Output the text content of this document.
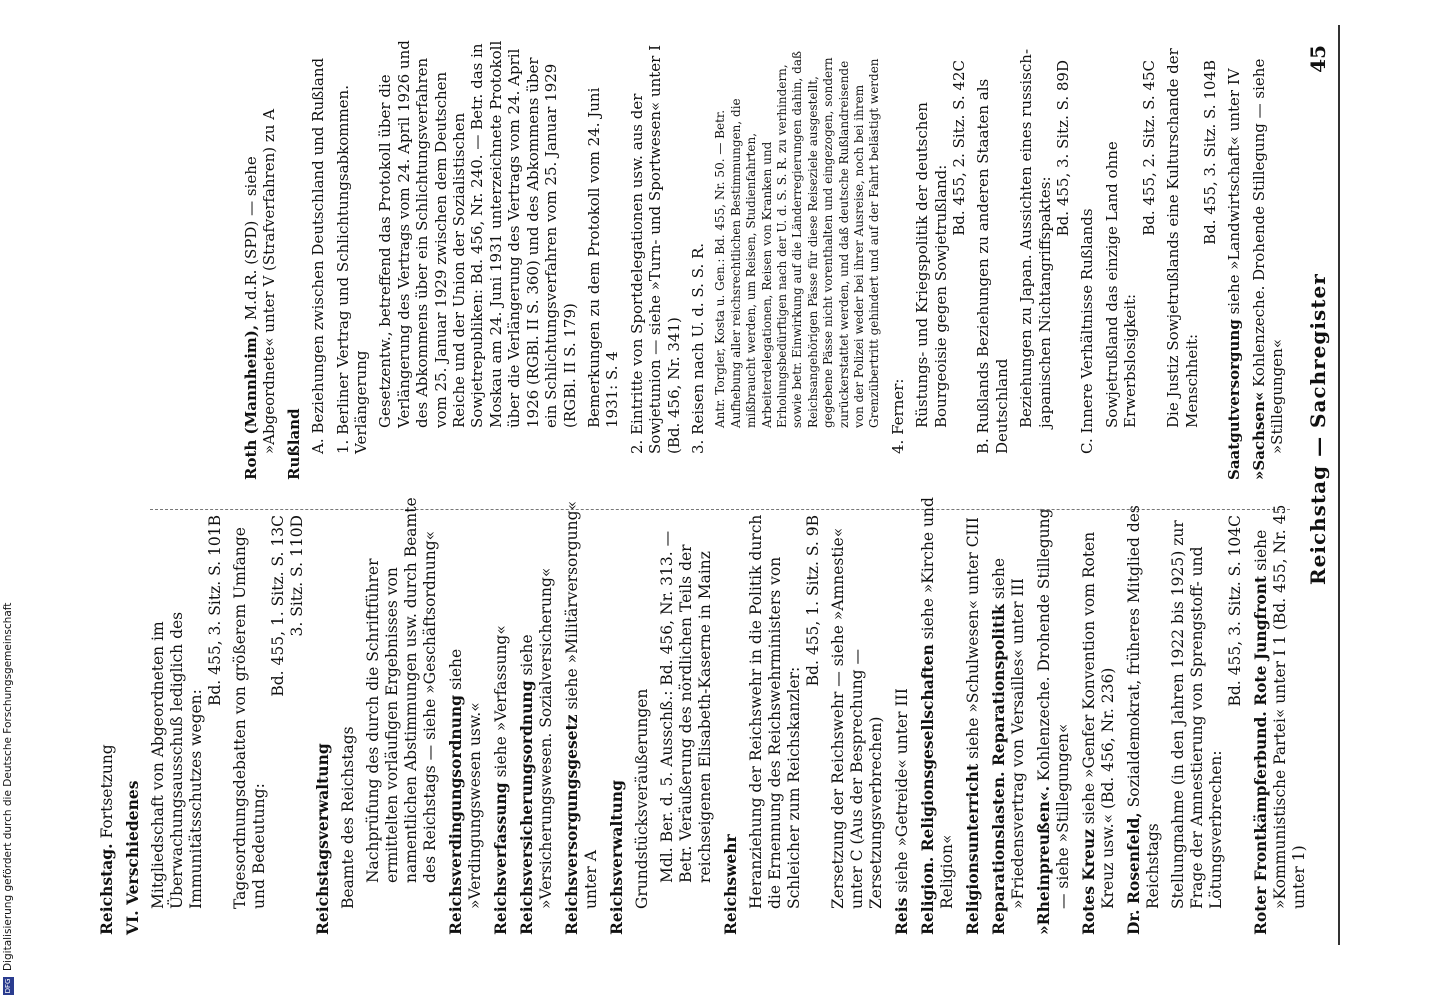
Reichstag — Sachregister
45
Reichstag. Fortsetzung VI. Verschiedenes Mitgliedschaft von Abgeordneten im Überwachungsausschuß lediglich des Immunitätsschutzes wegen:
Bd. 455, 3. Sitz. S. 101B Tagesordnungsdebatten von größerem Umfange und Bedeutung:
Bd. 455, 1. Sitz. S. 13C 3. Sitz. S. 110D
Reichstagsverwaltung Beamte des Reichstags Nachprüfung des durch die Schriftführer ermittelten vorläufigen Ergebnisses von namentlichen Abstimmungen usw. durch Beamte des Reichstags — siehe »Geschäftsordnung« Reichsverdingungsordnung siehe »Verdingungswesen usw.« Reichsverfassung siehe »Verfassung« Reichsversicherungsordnung siehe »Versicherungswesen. Sozialversicherung« Reichsversorgungsgesetz siehe »Militärversorgung« unter A Reichsverwaltung Grundstücksveräußerungen Mdl. Ber. d. 5. Ausschß.: Bd. 456, Nr. 313. — Betr. Veräußerung des nördlichen Teils der reichseigenen Elisabeth-Kaserne in Mainz
Reichswehr Heranziehung der Reichswehr in die Politik durch die Ernennung des Reichswehrministers von Schleicher zum Reichskanzler:
Bd. 455, 1. Sitz. S. 9B Zersetzung der Reichswehr — siehe »Amnestie« unter C (Aus der Besprechung — Zersetzungsverbrechen)
Reis siehe »Getreide« unter III Religion. Religionsgesellschaften siehe »Kirche und Religion« Religionsunterricht siehe »Schulwesen« unter CIII Reparationslasten. Reparationspolitik siehe »Friedensvertrag von Versailles« unter III »Rheinpreußen«. Kohlenzeche. Drohende Stillegung — siehe »Stillegungen« Rotes Kreuz siehe »Genfer Konvention vom Roten Kreuz usw.« (Bd. 456, Nr. 236) Dr. Rosenfeld, Sozialdemokrat, früheres Mitglied des Reichstags Stellungnahme (in den Jahren 1922 bis 1925) zur Frage der Amnestierung von Sprengstoff- und Lötungsverbrechen:
Bd. 455, 3. Sitz. S. 104C Roter Frontkämpferbund. Rote Jungfront siehe »Kommunistische Partei« unter I 1 (Bd. 455, Nr. 45 unter 1)
Roth (Mannheim), M.d.R. (SPD) — siehe »Abgeordnete« unter V (Strafverfahren) zu A Rußland A. Beziehungen zwischen Deutschland und Rußland 1. Berliner Vertrag und Schlichtungsabkommen. Verlängerung Gesetzentw., betreffend das Protokoll über die Verlängerung des Vertrags vom 24. April 1926 und des Abkommens über ein Schlichtungsverfahren vom 25. Januar 1929 zwischen dem Deutschen Reiche und der Union der Sozialistischen Sowjetrepubliken: Bd. 456, Nr. 240. — Betr. das in Moskau am 24. Juni 1931 unterzeichnete Protokoll über die Verlängerung des Vertrags vom 24. April 1926 (RGBl. II S. 360) und des Abkommens über ein Schlichtungsverfahren vom 25. Januar 1929 (RGBl. II S. 179) Bemerkungen zu dem Protokoll vom 24. Juni 1931: S. 4 2. Eintritte von Sportdelegationen usw. aus der Sowjetunion — siehe »Turn- und Sportwesen« unter I (Bd. 456, Nr. 341) 3. Reisen nach U. d. S. S. R. Antr. Torgler, Kosta u. Gen.: Bd. 455, Nr. 50. — Betr. Aufhebung aller reichsrechtlichen Bestimmungen, die mißbraucht werden, um Reisen, Studienfahrten, Arbeiterdelegationen, Reisen von Kranken und Erholungsbedürftigen nach der U. d. S. S. R. zu verhindern, sowie betr. Einwirkung auf die Länderregierungen dahin, daß Reichsangehörigen Pässe für diese Reiseziele ausgestellt, gegebene Pässe nicht vorenthalten und eingezogen, sondern zurückerstattet werden, und daß deutsche Rußlandreisende von der Polizei weder bei ihrer Ausreise, noch bei ihrem Grenzübertritt gehindert und auf der Fahrt belästigt werden 4. Ferner: Rüstungs- und Kriegspolitik der deutschen Bourgeoisie gegen Sowjetrußland:
Bd. 455, 2. Sitz. S. 42C B. Rußlands Beziehungen zu anderen Staaten als Deutschland Beziehungen zu Japan. Aussichten eines russisch-japanischen Nichtangriffspaktes:
Bd. 455, 3. Sitz. S. 89D
C. Innere Verhältnisse Rußlands Sowjetrußland das einzige Land ohne Erwerbslosigkeit:
Bd. 455, 2. Sitz. S. 45C Die Justiz Sowjetrußlands eine Kulturschande der Menschheit:
Bd. 455, 3. Sitz. S. 104B
Saatgutversorgung siehe »Landwirtschaft« unter IV
»Sachsen« Kohlenzeche. Drohende Stillegung — siehe »Stillegungen«
DFGDigitalisierung gefördert durch die Deutsche Forschungsgemeinschaft
